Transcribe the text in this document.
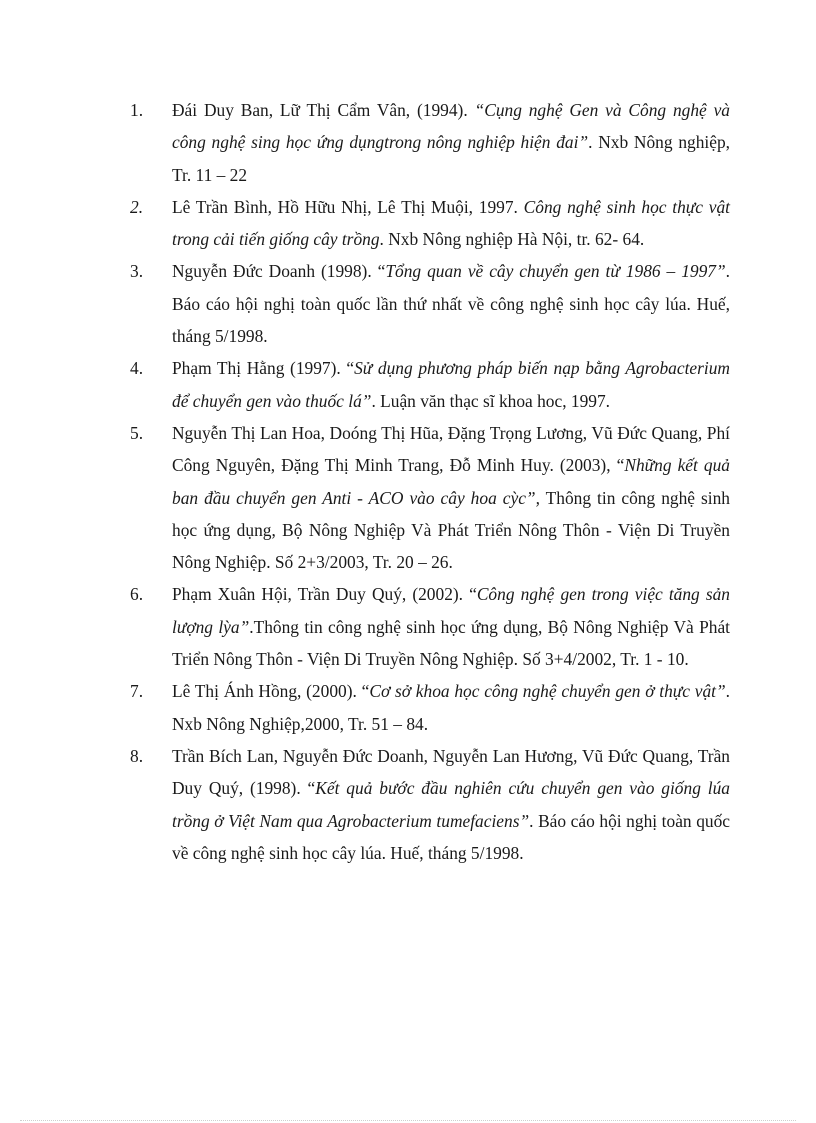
1. Đái Duy Ban, Lữ Thị Cẩm Vân, (1994). “Cụng nghệ Gen và Công nghệ và công nghệ sing học ứng dụngtrong nông nghiệp hiện đai”. Nxb Nông nghiệp, Tr. 11 – 22
2. Lê Trần Bình, Hồ Hữu Nhị, Lê Thị Muội, 1997. Công nghệ sinh học thực vật trong cải tiến giống cây trồng. Nxb Nông nghiệp Hà Nội, tr. 62- 64.
3. Nguyễn Đức Doanh (1998). “Tổng quan về cây chuyển gen từ 1986 – 1997”. Báo cáo hội nghị toàn quốc lần thứ nhất về công nghệ sinh học cây lúa. Huế, tháng 5/1998.
4. Phạm Thị Hằng (1997). “Sử dụng phương pháp biến nạp bằng Agrobacterium để chuyển gen vào thuốc lá”. Luận văn thạc sĩ khoa hoc, 1997.
5. Nguyễn Thị Lan Hoa, Doóng Thị Hũa, Đặng Trọng Lương, Vũ Đức Quang, Phí Công Nguyên, Đặng Thị Minh Trang, Đỗ Minh Huy. (2003), “Những kết quả ban đầu chuyển gen Anti - ACO vào cây hoa cỳc”, Thông tin công nghệ sinh học ứng dụng, Bộ Nông Nghiệp Và Phát Triển Nông Thôn - Viện Di Truyền Nông Nghiệp. Số 2+3/2003, Tr. 20 – 26.
6. Phạm Xuân Hội, Trần Duy Quý, (2002). “Công nghệ gen trong việc tăng sản lượng lỳa”.Thông tin công nghệ sinh học ứng dụng, Bộ Nông Nghiệp Và Phát Triển Nông Thôn - Viện Di Truyền Nông Nghiệp. Số 3+4/2002, Tr. 1 - 10.
7. Lê Thị Ánh Hồng, (2000). “Cơ sở khoa học công nghệ chuyển gen ở thực vật”. Nxb Nông Nghiệp,2000, Tr. 51 – 84.
8. Trần Bích Lan, Nguyễn Đức Doanh, Nguyễn Lan Hương, Vũ Đức Quang, Trần Duy Quý, (1998). “Kết quả bước đầu nghiên cứu chuyển gen vào giống lúa trồng ở Việt Nam qua Agrobacterium tumefaciens”. Báo cáo hội nghị toàn quốc về công nghệ sinh học cây lúa. Huế, tháng 5/1998.
